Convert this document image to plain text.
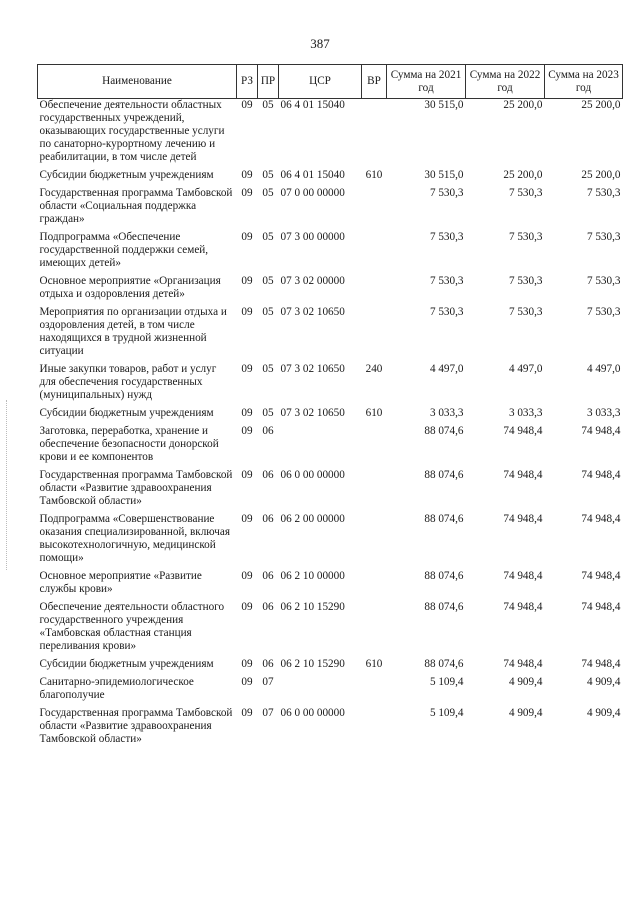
387
Наименование	РЗ	ПР	ЦСР	ВР	Сумма на 2021 год	Сумма на 2022 год	Сумма на 2023 год
Обеспечение деятельности областных государственных учреждений, оказывающих государственные услуги по санаторно-курортному лечению и реабилитации, в том числе детей	09	05	06 4 01 15040		30 515,0	25 200,0	25 200,0
Субсидии бюджетным учреждениям	09	05	06 4 01 15040	610	30 515,0	25 200,0	25 200,0
Государственная программа Тамбовской области «Социальная поддержка граждан»	09	05	07 0 00 00000		7 530,3	7 530,3	7 530,3
Подпрограмма «Обеспечение государственной поддержки семей, имеющих детей»	09	05	07 3 00 00000		7 530,3	7 530,3	7 530,3
Основное мероприятие «Организация отдыха и оздоровления детей»	09	05	07 3 02 00000		7 530,3	7 530,3	7 530,3
Мероприятия по организации отдыха и оздоровления детей, в том числе находящихся в трудной жизненной ситуации	09	05	07 3 02 10650		7 530,3	7 530,3	7 530,3
Иные закупки товаров, работ и услуг для обеспечения государственных (муниципальных) нужд	09	05	07 3 02 10650	240	4 497,0	4 497,0	4 497,0
Субсидии бюджетным учреждениям	09	05	07 3 02 10650	610	3 033,3	3 033,3	3 033,3
Заготовка, переработка, хранение и обеспечение безопасности донорской крови и ее компонентов	09	06			88 074,6	74 948,4	74 948,4
Государственная программа Тамбовской области «Развитие здравоохранения Тамбовской области»	09	06	06 0 00 00000		88 074,6	74 948,4	74 948,4
Подпрограмма «Совершенствование оказания специализированной, включая высокотехнологичную, медицинской помощи»	09	06	06 2 00 00000		88 074,6	74 948,4	74 948,4
Основное мероприятие «Развитие службы крови»	09	06	06 2 10 00000		88 074,6	74 948,4	74 948,4
Обеспечение деятельности областного государственного учреждения «Тамбовская областная станция переливания крови»	09	06	06 2 10 15290		88 074,6	74 948,4	74 948,4
Субсидии бюджетным учреждениям	09	06	06 2 10 15290	610	88 074,6	74 948,4	74 948,4
Санитарно-эпидемиологическое благополучие	09	07			5 109,4	4 909,4	4 909,4
Государственная программа Тамбовской области «Развитие здравоохранения Тамбовской области»	09	07	06 0 00 00000		5 109,4	4 909,4	4 909,4
